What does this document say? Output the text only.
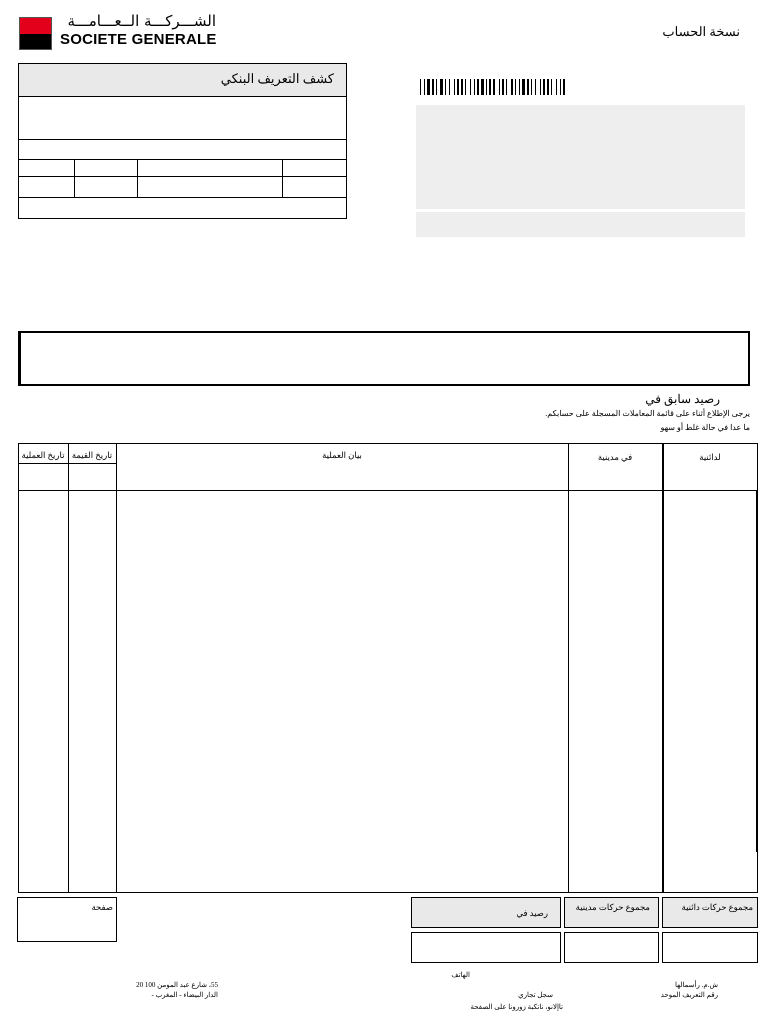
الشـــركـــة الــعـــامـــة
SOCIETE GENERALE	نسخة الحساب
كشف التعريف البنكي
رصيد سابق في
يرجى الإطلاع أثناء على قائمة المعاملات المسجلة على حسابكم.
ما عدا في حالة غلط أو سهو
تاريخ العملية تاريخ القيمة	بيان العملية	في مدينية	لدائنية
صفحة
رصيد في
مجموع حركات مدينية	مجموع حركات دائنية
55، شارع عبد المومن 100 20
الدار البيضاء - المغرب -
الهاتف
سجل تجاري
تاإلانو، ناتكبة زورونا على الصفحة
ش.م. رأسمالها
رقم التعريف الموحد
